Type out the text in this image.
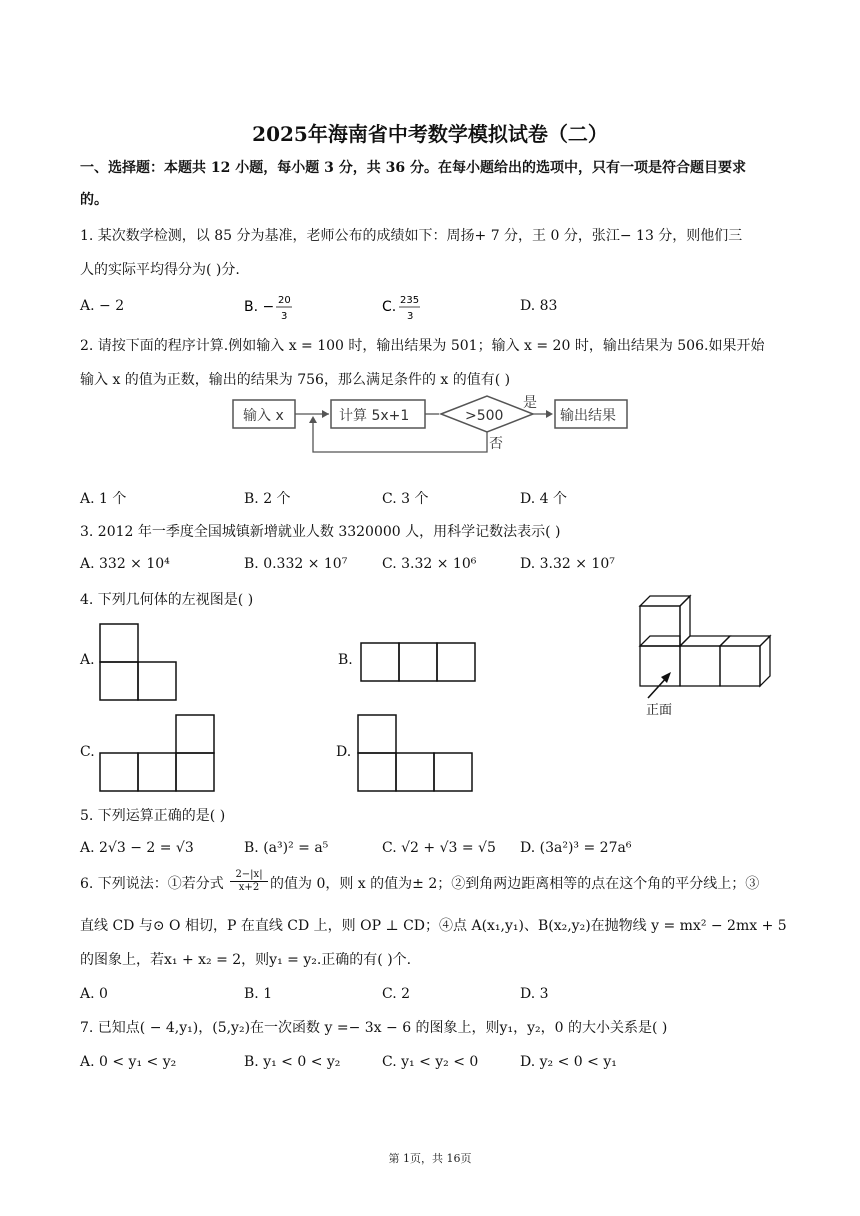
2025年海南省中考数学模拟试卷（二）
一、选择题：本题共 12 小题，每小题 3 分，共 36 分。在每小题给出的选项中，只有一项是符合题目要求
的。
1. 某次数学检测，以 85 分为基准，老师公布的成绩如下：周扬+ 7 分，王 0 分，张江− 13 分，则他们三
人的实际平均得分为( )分.
A. − 2	B. − 20
3
C. 235
3
D. 83
2. 请按下面的程序计算.例如输入 x = 100 时，输出结果为 501；输入 x = 20 时，输出结果为 506.如果开始
输入 x 的值为正数，输出的结果为 756，那么满足条件的 x 的值有( )
输入 x	计算 5x+1	>500
是
输出结果
否
A. 1 个	B. 2 个	C. 3 个	D. 4 个
3. 2012 年一季度全国城镇新增就业人数 3320000 人，用科学记数法表示( )
A. 332 × 10⁴	B. 0.332 × 10⁷ C. 3.32 × 10⁶	D. 3.32 × 10⁷
4. 下列几何体的左视图是( )
A.	B.
C.	D.
正面
5. 下列运算正确的是( )
A. 2√3 − 2 = √3	B. (a³)² = a⁵	C. √2 + √3 = √5 D. (3a²)³ = 27a⁶
6. 下列说法：①若分式 $\frac{2-|x|}{x+2}$ 的值为 0，则 x 的值为± 2；②到角两边距离相等的点在这个角的平分线上；③
直线 CD 与⊙ O 相切，P 在直线 CD 上，则 OP ⊥ CD；④点 A(x₁,y₁)、B(x₂,y₂)在抛物线 y = mx² − 2mx + 5
的图象上，若x₁ + x₂ = 2，则y₁ = y₂.正确的有( )个.
A. 0	B. 1	C. 2	D. 3
7. 已知点( − 4,y₁)，(5,y₂)在一次函数 y =− 3x − 6 的图象上，则y₁，y₂，0 的大小关系是( )
A. 0 < y₁ < y₂	B. y₁ < 0 < y₂	C. y₁ < y₂ < 0	D. y₂ < 0 < y₁
第 1页，共 16页
